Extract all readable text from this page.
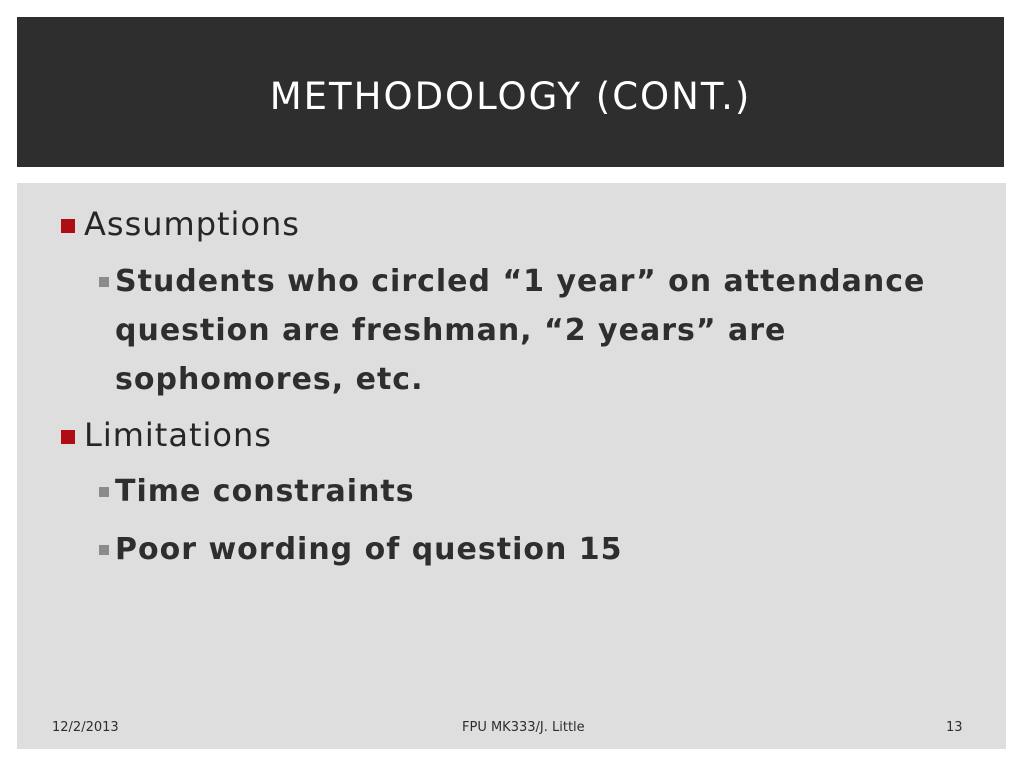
METHODOLOGY (CONT.)
Assumptions
Students who circled “1 year” on attendance question are freshman, “2 years” are sophomores, etc.
Limitations
Time constraints
Poor wording of question 15
12/2/2013	FPU MK333/J. Little	13
